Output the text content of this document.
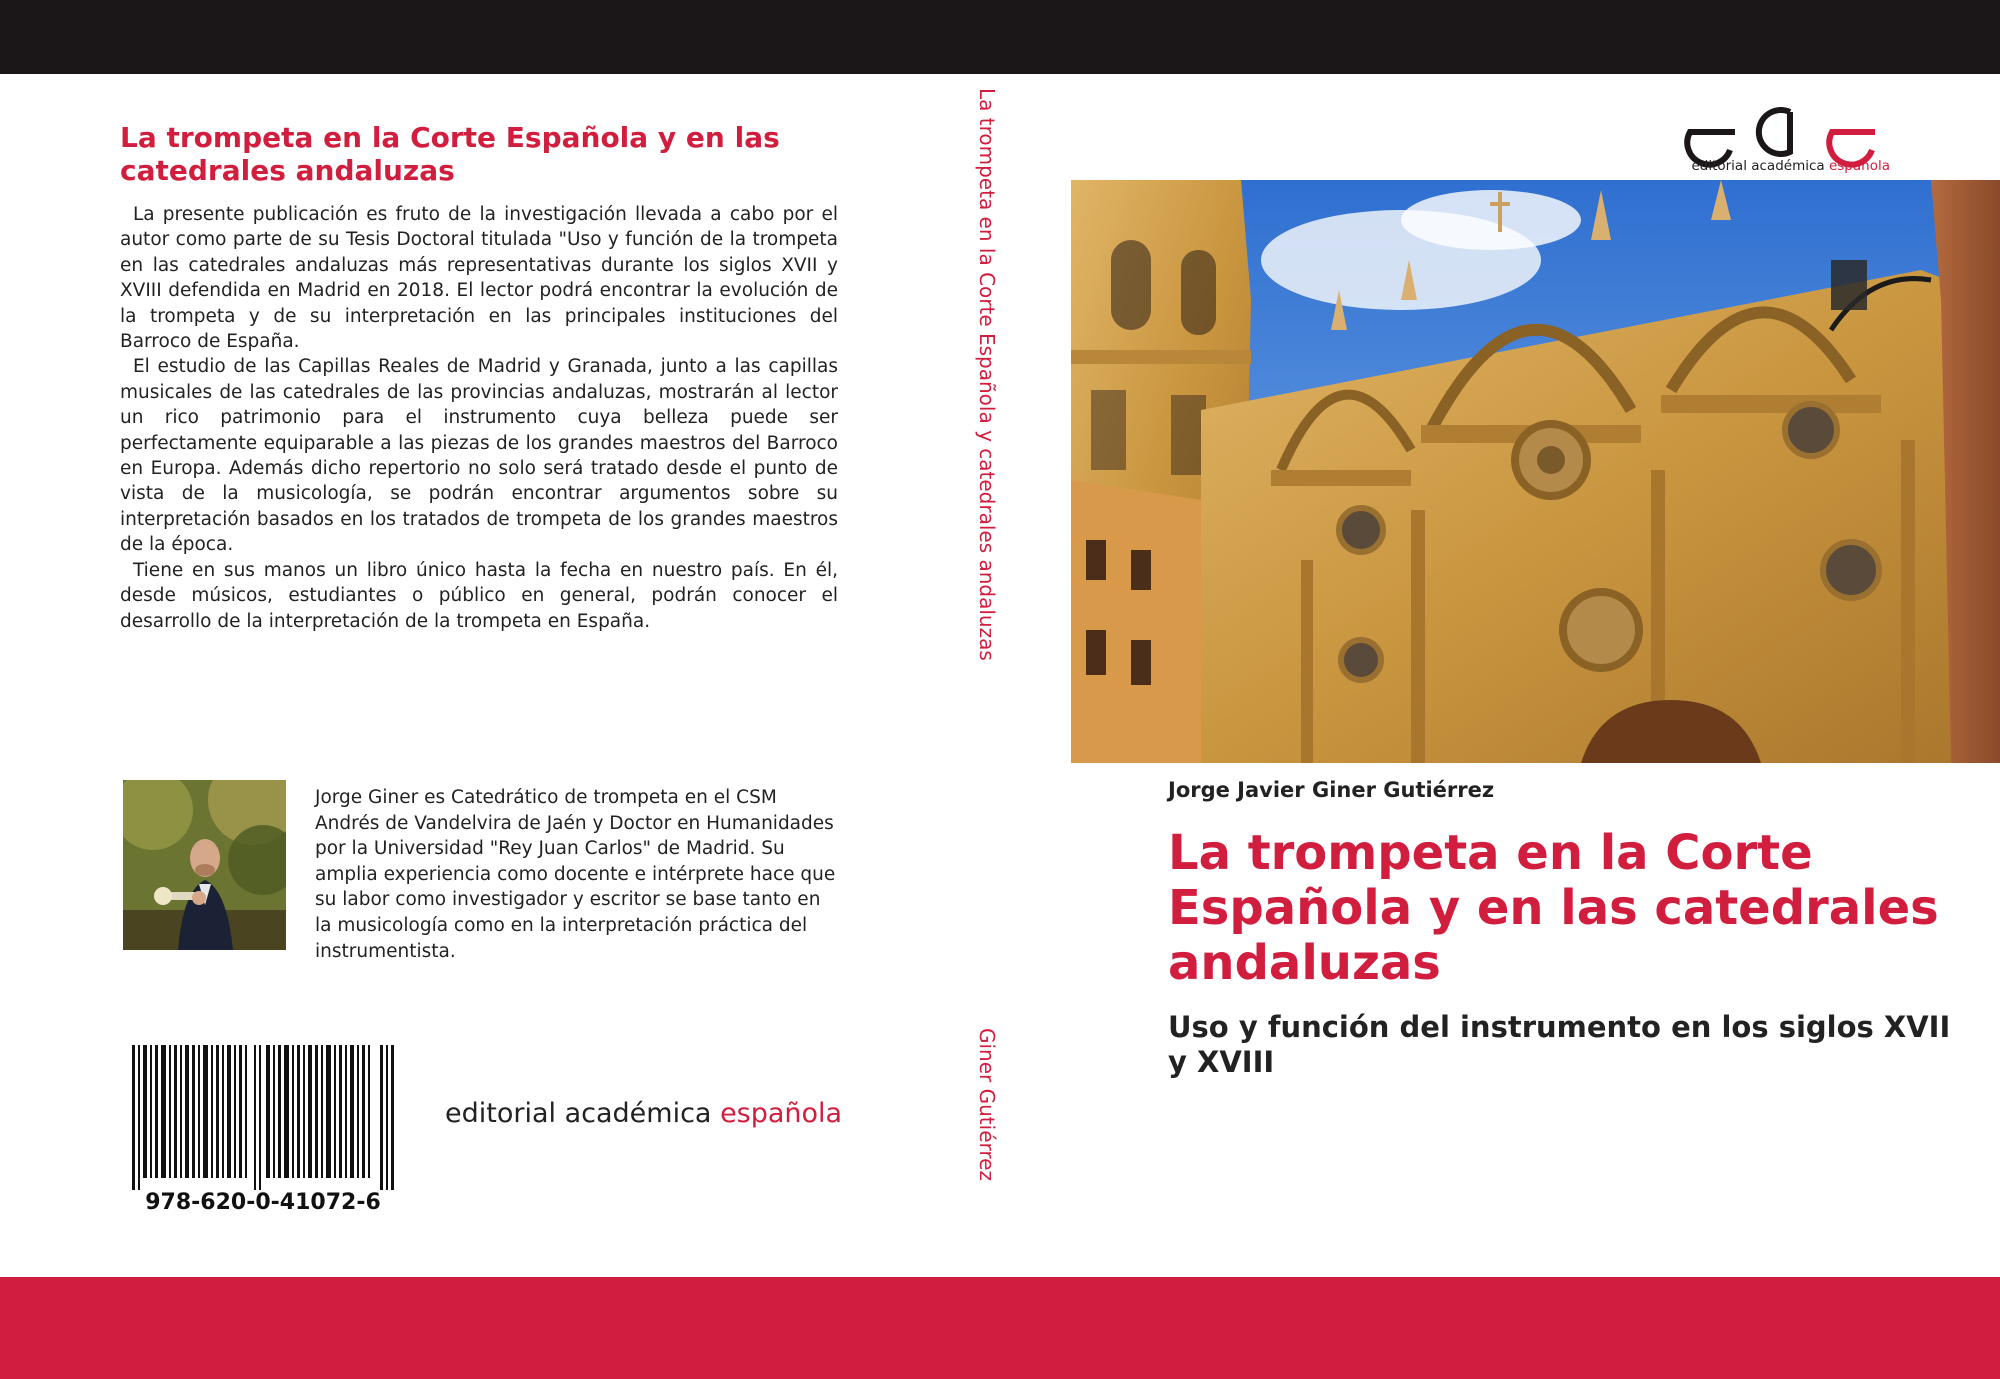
La trompeta en la Corte Española y en las catedrales andaluzas

La presente publicación es fruto de la investigación llevada a cabo por el autor como parte de su Tesis Doctoral titulada "Uso y función de la trompeta en las catedrales andaluzas más representativas durante los siglos XVII y XVIII defendida en Madrid en 2018. El lector podrá encontrar la evolución de la trompeta y de su interpretación en las principales instituciones del Barroco de España.

El estudio de las Capillas Reales de Madrid y Granada, junto a las capillas musicales de las catedrales de las provincias andaluzas, mostrarán al lector un rico patrimonio para el instrumento cuya belleza puede ser perfectamente equiparable a las piezas de los grandes maestros del Barroco en Europa. Además dicho repertorio no solo será tratado desde el punto de vista de la musicología, se podrán encontrar argumentos sobre su interpretación basados en los tratados de trompeta de los grandes maestros de la época.

Tiene en sus manos un libro único hasta la fecha en nuestro país. En él, desde músicos, estudiantes o público en general, podrán conocer el desarrollo de la interpretación de la trompeta en España.

Jorge Giner es Catedrático de trompeta en el CSM Andrés de Vandelvira de Jaén y Doctor en Humanidades por la Universidad "Rey Juan Carlos" de Madrid. Su amplia experiencia como docente e intérprete hace que su labor como investigador y escritor se base tanto en la musicología como en la interpretación práctica del instrumentista.
978-620-0-41072-6
editorial académica española
La trompeta en la Corte Española y catedrales andaluzas
Giner Gutiérrez
editorial académica española
Jorge Javier Giner Gutiérrez
La trompeta en la Corte Española y en las catedrales andaluzas
Uso y función del instrumento en los siglos XVII y XVIII
